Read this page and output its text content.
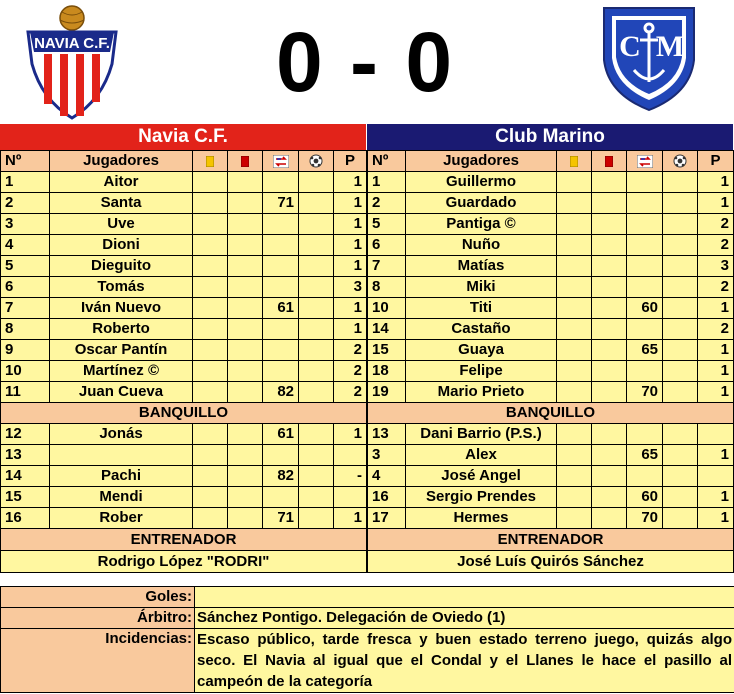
NAVIA C.F.	0 - 0	C M
Navia C.F.
Nº	Jugadores					P
1	Aitor					1
2	Santa			71		1
3	Uve					1
4	Dioni					1
5	Dieguito					1
6	Tomás					3
7	Iván Nuevo			61		1
8	Roberto					1
9	Oscar Pantín					2
10	Martínez ©					2
11	Juan Cueva			82		2
BANQUILLO						
12	Jonás			61		1
13						
14	Pachi			82		-
15	Mendi					
16	Rober			71		1
ENTRENADOR						
Rodrigo López "RODRI"						
Club Marino
Nº	Jugadores					P
1	Guillermo					1
2	Guardado					1
5	Pantiga ©					2
6	Nuño					2
7	Matías					3
8	Miki					2
10	Titi			60		1
14	Castaño					2
15	Guaya			65		1
18	Felipe					1
19	Mario Prieto			70		1
BANQUILLO						
13	Dani Barrio (P.S.)					
3	Alex			65		1
4	José Angel					
16	Sergio Prendes			60		1
17	Hermes			70		1
ENTRENADOR						
José Luís Quirós Sánchez						
Goles:	
Árbitro:	Sánchez Pontigo. Delegación de Oviedo (1)
Incidencias:	Escaso público, tarde fresca y buen estado terreno juego, quizás algo seco. El Navia al igual que el Condal y el Llanes le hace el pasillo al campeón de la categoría
